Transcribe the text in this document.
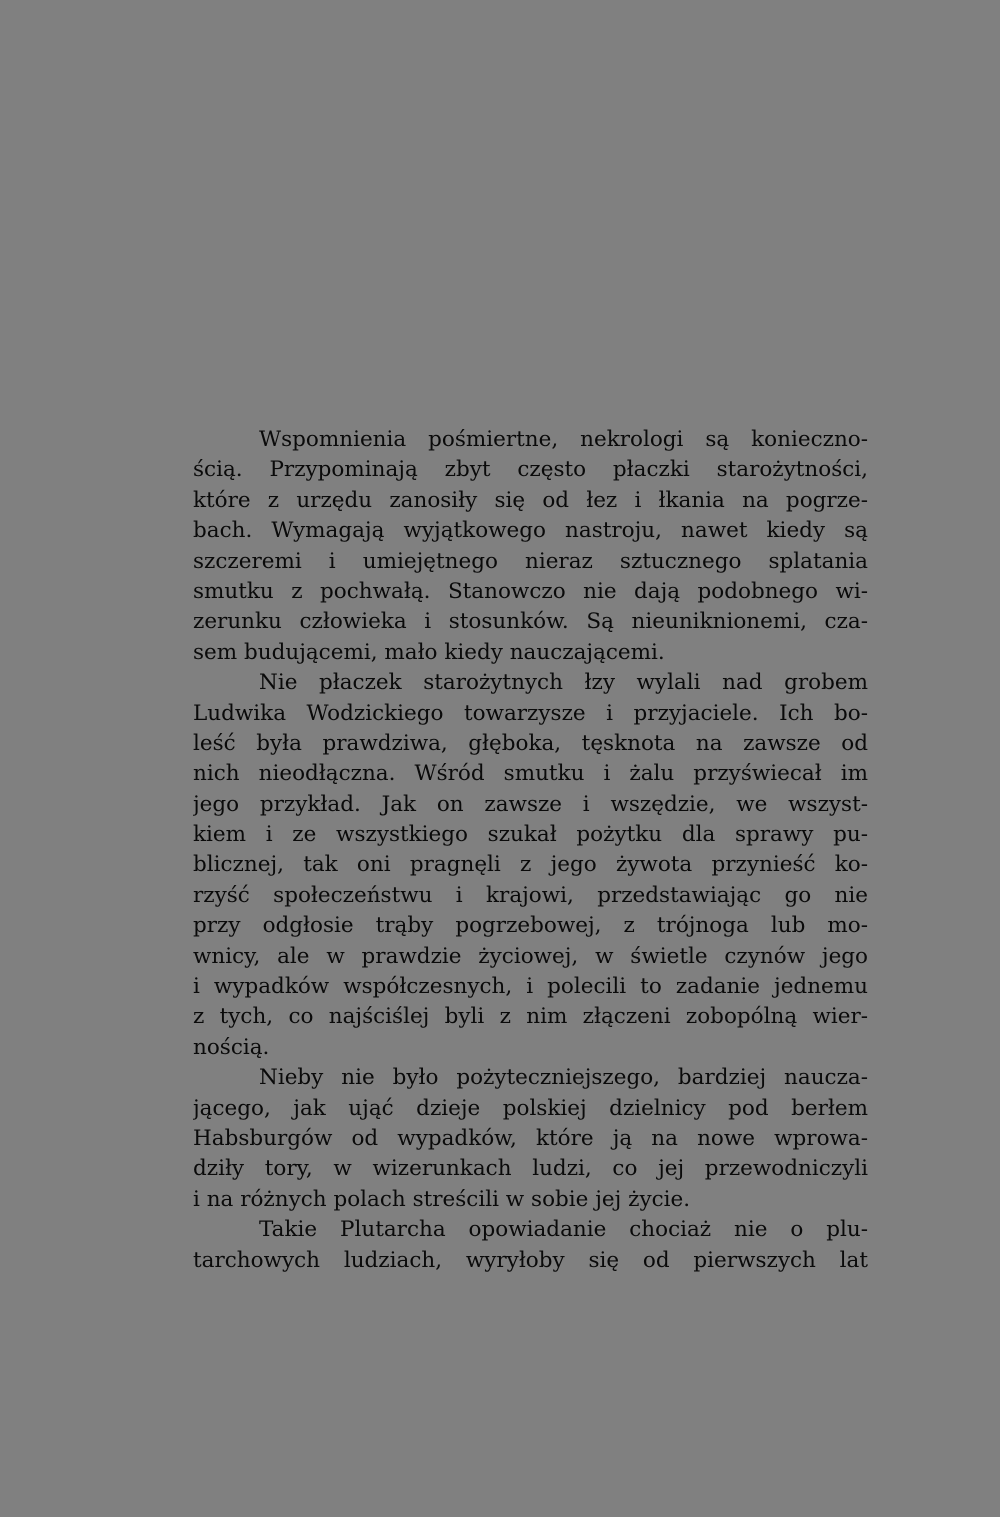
Wspomnienia pośmiertne, nekrologi są konieczno-
ścią. Przypominają zbyt często płaczki starożytności,
które z urzędu zanosiły się od łez i łkania na pogrze-
bach. Wymagają wyjątkowego nastroju, nawet kiedy są
szczeremi i umiejętnego nieraz sztucznego splatania
smutku z pochwałą. Stanowczo nie dają podobnego wi-
zerunku człowieka i stosunków. Są nieuniknionemi, cza-
sem budującemi, mało kiedy nauczającemi.
Nie płaczek starożytnych łzy wylali nad grobem
Ludwika Wodzickiego towarzysze i przyjaciele. Ich bo-
leść była prawdziwa, głęboka, tęsknota na zawsze od
nich nieodłączna. Wśród smutku i żalu przyświecał im
jego przykład. Jak on zawsze i wszędzie, we wszyst-
kiem i ze wszystkiego szukał pożytku dla sprawy pu-
blicznej, tak oni pragnęli z jego żywota przynieść ko-
rzyść społeczeństwu i krajowi, przedstawiając go nie
przy odgłosie trąby pogrzebowej, z trójnoga lub mo-
wnicy, ale w prawdzie życiowej, w świetle czynów jego
i wypadków współczesnych, i polecili to zadanie jednemu
z tych, co najściślej byli z nim złączeni zobopólną wier-
nością.
Nieby nie było pożyteczniejszego, bardziej naucza-
jącego, jak ująć dzieje polskiej dzielnicy pod berłem
Habsburgów od wypadków, które ją na nowe wprowa-
dziły tory, w wizerunkach ludzi, co jej przewodniczyli
i na różnych polach streścili w sobie jej życie.
Takie Plutarcha opowiadanie chociaż nie o plu-
tarchowych ludziach, wyryłoby się od pierwszych lat
